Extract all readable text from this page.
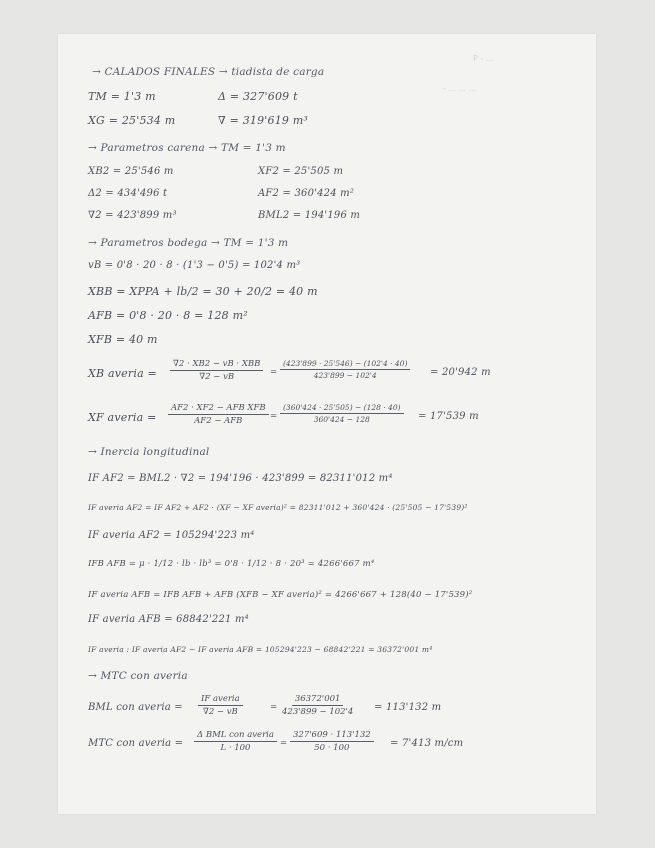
P - ...
- ... ... ...
→ CALADOS FINALES → tiadista de carga
TM = 1'3 m	Δ = 327'609 t
XG = 25'534 m	∇ = 319'619 m³
→ Parametros carena → TM = 1'3 m
XB2 = 25'546 m	XF2 = 25'505 m
Δ2 = 434'496 t	AF2 = 360'424 m²
∇2 = 423'899 m³	BML2 = 194'196 m
→ Parametros bodega → TM = 1'3 m
vB = 0'8 · 20 · 8 · (1'3 − 0'5) = 102'4 m³
XBB = XPPA + lb/2 = 30 + 20/2 = 40 m
AFB = 0'8 · 20 · 8 = 128 m²
XFB = 40 m
XB averia =
∇2 · XB2 − vB · XBB
∇2 − vB	= $\frac{(423'899 \cdot 25'546) - (102'4 \cdot 40)}{423'899 - 102'4} = 20'942$ m
XF averia =
AF2 · XF2 − AFB XFB
AF2 − AFB	= $\frac{(360'424 \cdot 25'505) - (128 \cdot 40)}{360'424 - 128} = 17'539$ m
→ Inercia longitudinal
IF AF2 = BML2 · ∇2 = 194'196 · 423'899 = 82311'012 m⁴
IF averia AF2 = IF AF2 + AF2 · (XF − XF averia)² = 82311'012 + 360'424 · (25'505 − 17'539)²
IF averia AF2 = 105294'223 m⁴
IFB AFB = μ · 1/12 · lb · lb³ = 0'8 · 1/12 · 8 · 20³ = 4266'667 m⁴
IF averia AFB = IFB AFB + AFB (XFB − XF averia)² = 4266'667 + 128(40 − 17'539)²
IF averia AFB = 68842'221 m⁴
IF averia : IF averia AF2 − IF averia AFB = 105294'223 − 68842'221 = 36372'001 m⁴
→ MTC con averia
BML con averia =
IF averia
∇2 − vB	= $\frac{36372'001}{423'899 - 102'4} = 113'132$ m
MTC con averia =
Δ BML con averia
L · 100	= $\frac{327'609 \cdot 113'132}{50 \cdot 100} = 7'413$ m/cm
